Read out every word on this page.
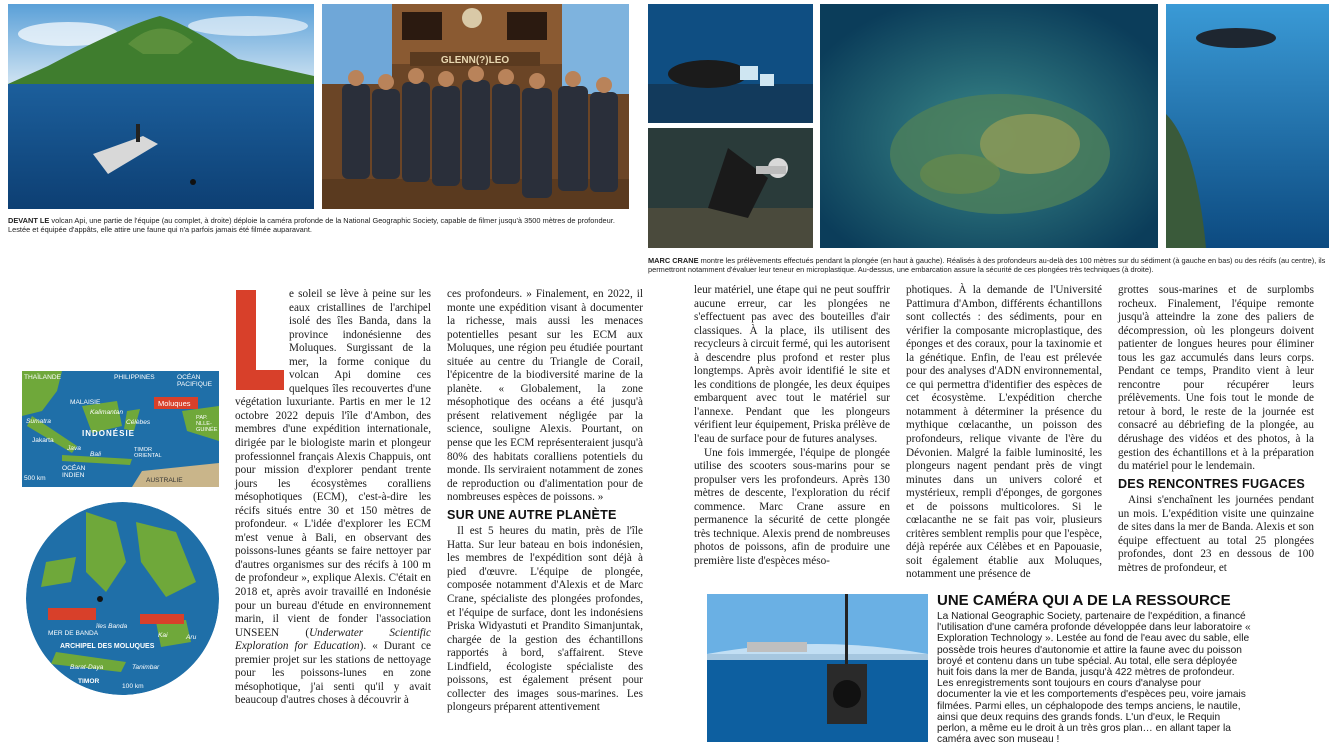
GLENN(?)LEO
DEVANT LE volcan Api, une partie de l'équipe (au complet, à droite) déploie la caméra profonde de la National Geographic Society, capable de filmer jusqu'à 3500 mètres de profondeur. Lestée et équipée d'appâts, elle attire une faune qui n'a parfois jamais été filmée auparavant.
MARC CRANE montre les prélèvements effectués pendant la plongée (en haut à gauche). Réalisés à des profondeurs au-delà des 100 mètres sur du sédiment (à gauche en bas) ou des récifs (au centre), ils permettront notamment d'évaluer leur teneur en microplastique. Au-dessus, une embarcation assure la sécurité de ces plongées très techniques (à droite).
THAÏLANDE	PHILIPPINES	OCÉAN PACIFIQUE
MALAISIE
Kalimantan
Célèbes
Sumatra
INDONÉSIE
Moluques
PAP. NLLE-GUINÉE
Jakarta
Java
Bali
TIMOR ORIENTAL
OCÉAN INDIEN
AUSTRALIE
500 km
îles Banda
MER DE BANDA	Kai	Aru
ARCHIPEL DES MOLUQUES
Barat-Daya	Tanimbar
TIMOR
100 km

e soleil se lève à peine sur les eaux cristallines de l'archipel isolé des îles Banda, dans la province indonésienne des Moluques. Surgissant de la mer, la forme conique du volcan Api domine ces quelques îles recouvertes d'une végétation luxuriante. Partis en mer le 12 octobre 2022 depuis l'île d'Ambon, des membres d'une expédition internationale, dirigée par le biologiste marin et plongeur professionnel français Alexis Chappuis, ont pour mission d'explorer pendant trente jours les écosystèmes coralliens mésophotiques (ECM), c'est-à-dire les récifs situés entre 30 et 150 mètres de profondeur. « L'idée d'explorer les ECM m'est venue à Bali, en observant des poissons-lunes géants se faire nettoyer par d'autres organismes sur des récifs à 100 m de profondeur », explique Alexis. C'était en 2018 et, après avoir travaillé en Indonésie pour un bureau d'étude en environnement marin, il vient de fonder l'association UNSEEN (Underwater Scientific Exploration for Education). « Durant ce premier projet sur les stations de nettoyage pour les poissons-lunes en zone mésophotique, j'ai senti qu'il y avait beaucoup d'autres choses à découvrir à

ces profondeurs. » Finalement, en 2022, il monte une expédition visant à documenter la richesse, mais aussi les menaces potentielles pesant sur les ECM aux Moluques, une région peu étudiée pourtant située au centre du Triangle de Corail, l'épicentre de la biodiversité marine de la planète. « Globalement, la zone mésophotique des océans a été jusqu'à présent relativement négligée par la science, souligne Alexis. Pourtant, on pense que les ECM représenteraient jusqu'à 80% des habitats coralliens potentiels du monde. Ils serviraient notamment de zones de reproduction ou d'alimentation pour de nombreuses espèces de poissons. »

SUR UNE AUTRE PLANÈTE

Il est 5 heures du matin, près de l'île Hatta. Sur leur bateau en bois indonésien, les membres de l'expédition sont déjà à pied d'œuvre. L'équipe de plongée, composée notamment d'Alexis et de Marc Crane, spécialiste des plongées profondes, et l'équipe de surface, dont les indonésiens Priska Widyastuti et Prandito Simanjuntak, chargée de la gestion des échantillons rapportés à bord, s'affairent. Steve Lindfield, écologiste spécialiste des poissons, est également présent pour collecter des images sous-marines. Les plongeurs préparent attentivement

leur matériel, une étape qui ne peut souffrir aucune erreur, car les plongées ne s'effectuent pas avec des bouteilles d'air classiques. À la place, ils utilisent des recycleurs à circuit fermé, qui les autorisent à descendre plus profond et rester plus longtemps. Après avoir identifié le site et les conditions de plongée, les deux équipes embarquent avec tout le matériel sur l'annexe. Pendant que les plongeurs vérifient leur équipement, Priska prélève de l'eau de surface pour de futures analyses.

Une fois immergée, l'équipe de plongée utilise des scooters sous-marins pour se propulser vers les profondeurs. Après 130 mètres de descente, l'exploration du récif commence. Marc Crane assure en permanence la sécurité de cette plongée très technique. Alexis prend de nombreuses photos de poissons, afin de produire une première liste d'espèces méso-

photiques. À la demande de l'Université Pattimura d'Ambon, différents échantillons sont collectés : des sédiments, pour en vérifier la composante microplastique, des éponges et des coraux, pour la taxinomie et la génétique. Enfin, de l'eau est prélevée pour des analyses d'ADN environnemental, ce qui permettra d'identifier des espèces de cet écosystème. L'expédition cherche notamment à déterminer la présence du mythique cœlacanthe, un poisson des profondeurs, relique vivante de l'ère du Dévonien. Malgré la faible luminosité, les plongeurs nagent pendant près de vingt minutes dans un univers coloré et mystérieux, rempli d'éponges, de gorgones et de poissons multicolores. Si le cœlacanthe ne se fait pas voir, plusieurs critères semblent remplis pour que l'espèce, déjà repérée aux Célèbes et en Papouasie, soit également établie aux Moluques, notamment une présence de

grottes sous-marines et de surplombs rocheux. Finalement, l'équipe remonte jusqu'à atteindre la zone des paliers de décompression, où les plongeurs doivent patienter de longues heures pour éliminer tous les gaz accumulés dans leurs corps. Pendant ce temps, Prandito vient à leur rencontre pour récupérer leurs prélèvements. Une fois tout le monde de retour à bord, le reste de la journée est consacré au débriefing de la plongée, au dérushage des vidéos et des photos, à la gestion des échantillons et à la préparation du matériel pour le lendemain.

DES RENCONTRES FUGACES

Ainsi s'enchaînent les journées pendant un mois. L'expédition visite une quinzaine de sites dans la mer de Banda. Alexis et son équipe effectuent au total 25 plongées profondes, dont 23 en dessous de 100 mètres de profondeur, et

UNE CAMÉRA QUI A DE LA RESSOURCE
La National Geographic Society, partenaire de l'expédition, a financé l'utilisation d'une caméra profonde développée dans leur laboratoire « Exploration Technology ». Lestée au fond de l'eau avec du sable, elle possède trois heures d'autonomie et attire la faune avec du poisson broyé et contenu dans un tube spécial. Au total, elle sera déployée huit fois dans la mer de Banda, jusqu'à 422 mètres de profondeur. Les enregistrements sont toujours en cours d'analyse pour documenter la vie et les comportements d'espèces peu, voire jamais filmées. Parmi elles, un céphalopode des temps anciens, le nautile, ainsi que deux requins des grands fonds. L'un d'eux, le Requin perlon, a même eu le droit à un très gros plan… en allant taper la caméra avec son museau !
